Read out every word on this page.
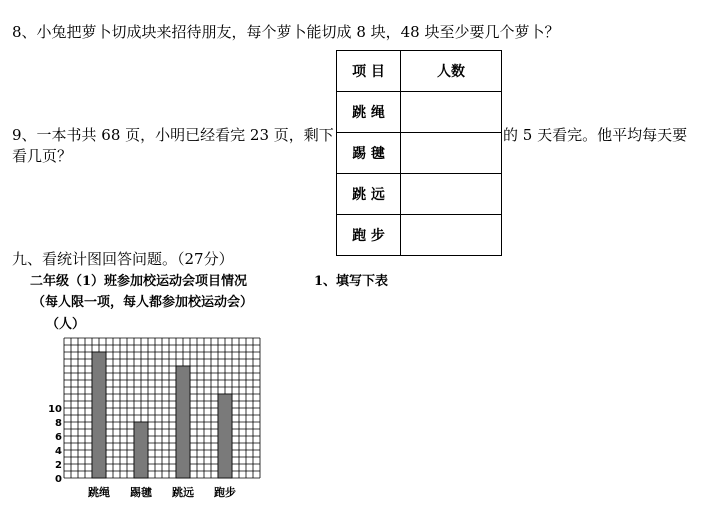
8、小兔把萝卜切成块来招待朋友，每个萝卜能切成 8 块，48 块至少要几个萝卜？
9、一本书共 68 页，小明已经看完 23 页，剩下	的 5 天看完。他平均每天要
看几页？
项 目	人数
跳 绳	
踢 毽	
跳 远	
跑 步	
九、看统计图回答问题。（27分）
二年级（1）班参加校运动会项目情况	1、填写下表
（每人限一项，每人都参加校运动会）
（人）
0
2
4
6
8
10
跳绳 踢毽 跳远 跑步
